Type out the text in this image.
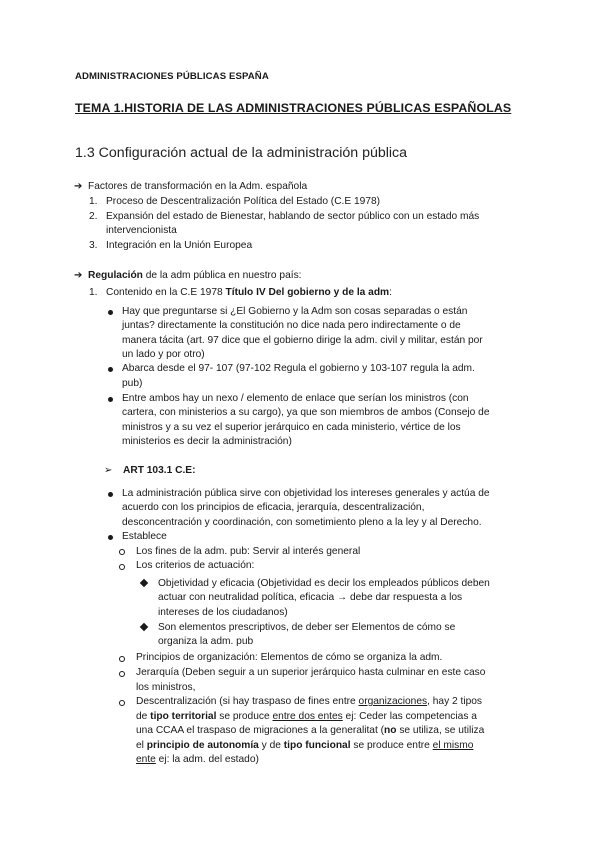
ADMINISTRACIONES PÚBLICAS ESPAÑA
TEMA 1.HISTORIA DE LAS ADMINISTRACIONES PÚBLICAS ESPAÑOLAS
1.3 Configuración actual de la administración pública
➔ Factores de transformación en la Adm. española
1. Proceso de Descentralización Política del Estado (C.E 1978)
2. Expansión del estado de Bienestar, hablando de sector público con un estado más
intervencionista
3. Integración en la Unión Europea
➔ Regulación de la adm pública en nuestro país:
1. Contenido en la C.E 1978 Título IV Del gobierno y de la adm:
Hay que preguntarse si ¿El Gobierno y la Adm son cosas separadas o están
juntas? directamente la constitución no dice nada pero indirectamente o de
manera tácita (art. 97 dice que el gobierno dirige la adm. civil y militar, están por
un lado y por otro)
Abarca desde el 97- 107 (97-102 Regula el gobierno y 103-107 regula la adm.
pub)
Entre ambos hay un nexo / elemento de enlace que serían los ministros (con
cartera, con ministerios a su cargo), ya que son miembros de ambos (Consejo de
ministros y a su vez el superior jerárquico en cada ministerio, vértice de los
ministerios es decir la administración)
➢ ART 103.1 C.E:
La administración pública sirve con objetividad los intereses generales y actúa de
acuerdo con los principios de eficacia, jerarquía, descentralización,
desconcentración y coordinación, con sometimiento pleno a la ley y al Derecho.
Establece
Los fines de la adm. pub: Servir al interés general
Los criterios de actuación:
Objetividad y eficacia (Objetividad es decir los empleados públicos deben
actuar con neutralidad política, eficacia → debe dar respuesta a los
intereses de los ciudadanos)
Son elementos prescriptivos, de deber ser Elementos de cómo se
organiza la adm. pub
Principios de organización: Elementos de cómo se organiza la adm.
Jerarquía (Deben seguir a un superior jerárquico hasta culminar en este caso
los ministros,
Descentralización (si hay traspaso de fines entre organizaciones, hay 2 tipos
de tipo territorial se produce entre dos entes ej: Ceder las competencias a
una CCAA el traspaso de migraciones a la generalitat (no se utiliza, se utiliza
el principio de autonomía y de tipo funcional se produce entre el mismo
ente ej: la adm. del estado)
